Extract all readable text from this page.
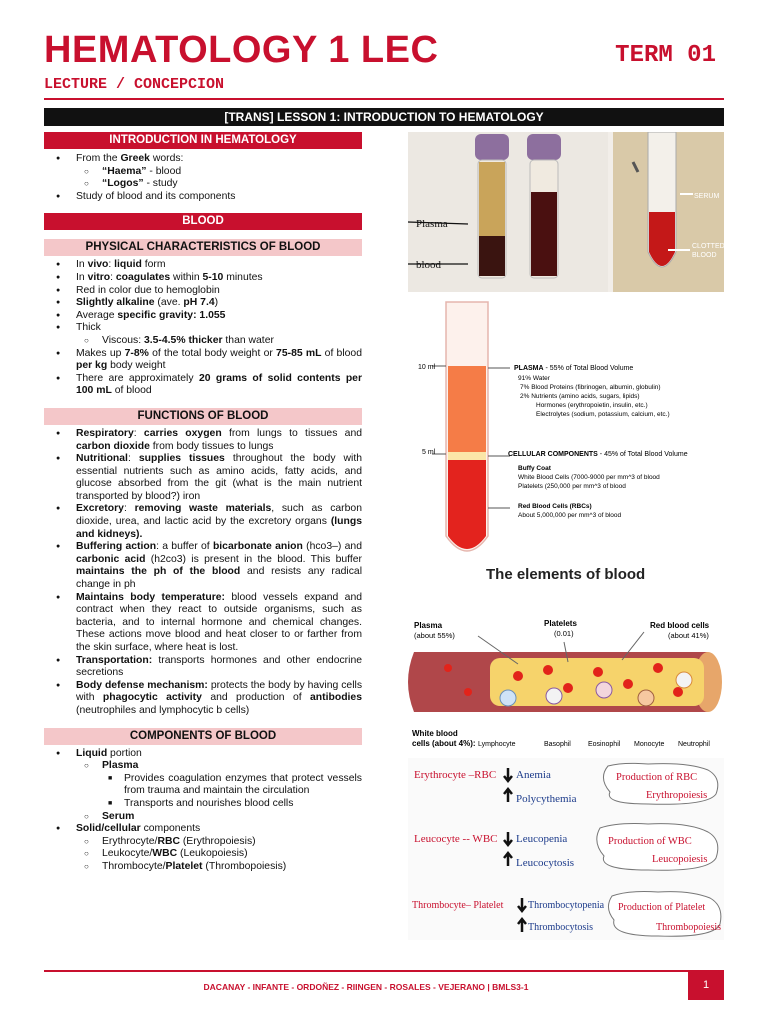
HEMATOLOGY 1 LEC	TERM 01
LECTURE / CONCEPCION
[TRANS] LESSON 1: INTRODUCTION TO HEMATOLOGY
INTRODUCTION IN HEMATOLOGY
● From the Greek words:
○ “Haema” - blood
○ “Logos” - study
● Study of blood and its components
BLOOD
PHYSICAL CHARACTERISTICS OF BLOOD
● In vivo: liquid form
● In vitro: coagulates within 5-10 minutes
● Red in color due to hemoglobin
● Slightly alkaline (ave. pH 7.4)
● Average specific gravity: 1.055
● Thick
○ Viscous: 3.5-4.5% thicker than water
● Makes up 7-8% of the total body weight or 75-85 mL of blood per kg body weight
● There are approximately 20 grams of solid contents per 100 mL of blood
FUNCTIONS OF BLOOD
● Respiratory: carries oxygen from lungs to tissues and carbon dioxide from body tissues to lungs
● Nutritional: supplies tissues throughout the body with essential nutrients such as amino acids, fatty acids, and glucose absorbed from the git (what is the main nutrient transported by blood?) iron
● Excretory: removing waste materials, such as carbon dioxide, urea, and lactic acid by the excretory organs (lungs and kidneys).
● Buffering action: a buffer of bicarbonate anion (hco3–) and carbonic acid (h2co3) is present in the blood. This buffer maintains the ph of the blood and resists any radical change in ph
● Maintains body temperature: blood vessels expand and contract when they react to outside organisms, such as bacteria, and to internal hormone and chemical changes. These actions move blood and heat closer to or farther from the skin surface, where heat is lost.
● Transportation: transports hormones and other endocrine secretions
● Body defense mechanism: protects the body by having cells with phagocytic activity and production of antibodies (neutrophiles and lymphocytic b cells)
COMPONENTS OF BLOOD
● Liquid portion
○ Plasma
■ Provides coagulation enzymes that protect vessels from trauma and maintain the circulation
■ Transports and nourishes blood cells
○ Serum
● Solid/cellular components
○ Erythrocyte/RBC (Erythropoiesis)
○ Leukocyte/WBC (Leukopoiesis)
○ Thrombocyte/Platelet (Thrombopoiesis)
Plasma
blood
SERUM
CLOTTED
BLOOD
10 ml
5 ml
PLASMA - 55% of Total Blood Volume
91% Water
7% Blood Proteins (fibrinogen, albumin, globulin)
2% Nutrients (amino acids, sugars, lipids)
Hormones (erythropoietin, insulin, etc.)
Electrolytes (sodium, potassium, calcium, etc.)
CELLULAR COMPONENTS - 45% of Total Blood Volume
Buffy Coat
White Blood Cells (7000-9000 per mm^3 of blood
Platelets (250,000 per mm^3 of blood
Red Blood Cells (RBCs)
About 5,000,000 per mm^3 of blood
The elements of blood
Plasma
(about 55%)
Platelets
(0.01)
Red blood cells
(about 41%)
White blood
cells (about 4%): Lymphocyte	Basophil Eosinophil Monocyte Neutrophil
Erythrocyte –RBC Anemia
Polycythemia
Production of RBC
Erythropoiesis
Leucocyte -- WBC Leucopenia
Leucocytosis
Production of WBC
Leucopoiesis
Thrombocyte– Platelet Thrombocytopenia
Thrombocytosis
Production of Platelet
Thrombopoiesis
DACANAY - INFANTE - ORDOÑEZ - RIINGEN - ROSALES - VEJERANO | BMLS3-1	1
